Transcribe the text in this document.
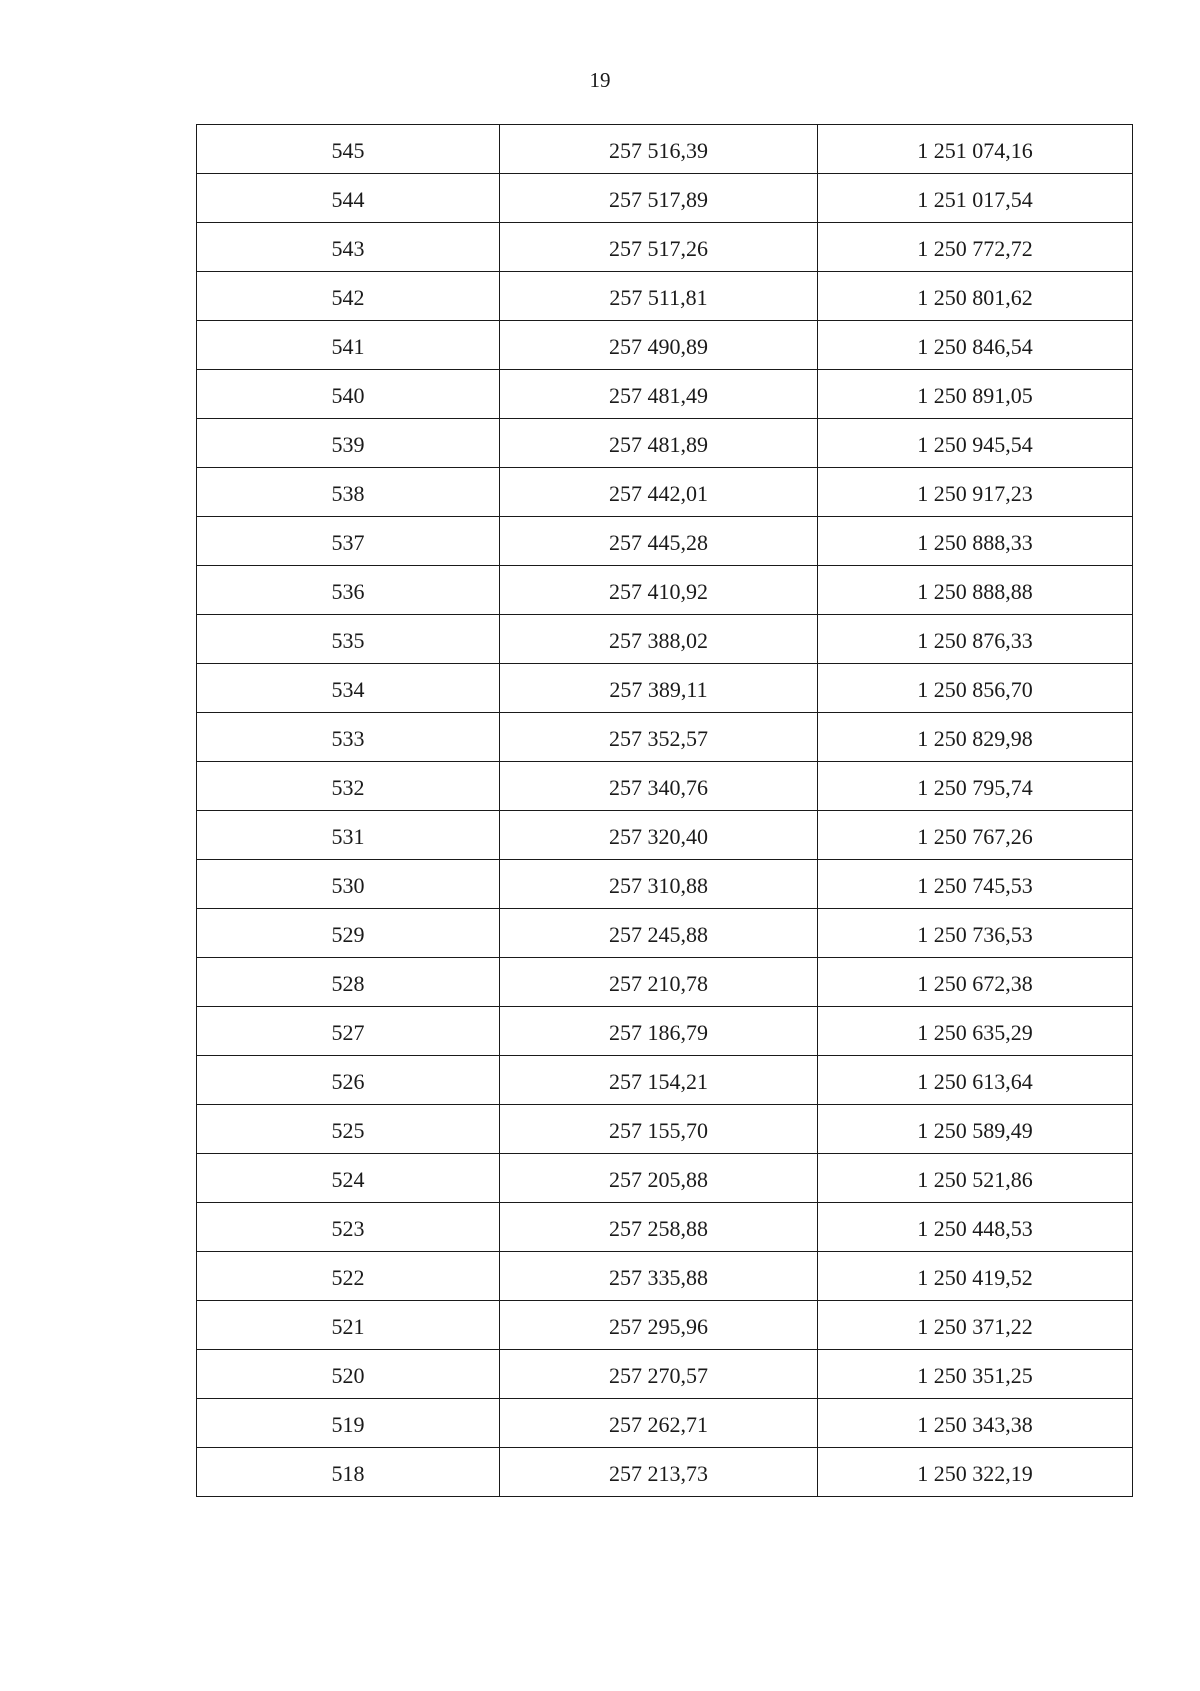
19
545	257 516,39	1 251 074,16
544	257 517,89	1 251 017,54
543	257 517,26	1 250 772,72
542	257 511,81	1 250 801,62
541	257 490,89	1 250 846,54
540	257 481,49	1 250 891,05
539	257 481,89	1 250 945,54
538	257 442,01	1 250 917,23
537	257 445,28	1 250 888,33
536	257 410,92	1 250 888,88
535	257 388,02	1 250 876,33
534	257 389,11	1 250 856,70
533	257 352,57	1 250 829,98
532	257 340,76	1 250 795,74
531	257 320,40	1 250 767,26
530	257 310,88	1 250 745,53
529	257 245,88	1 250 736,53
528	257 210,78	1 250 672,38
527	257 186,79	1 250 635,29
526	257 154,21	1 250 613,64
525	257 155,70	1 250 589,49
524	257 205,88	1 250 521,86
523	257 258,88	1 250 448,53
522	257 335,88	1 250 419,52
521	257 295,96	1 250 371,22
520	257 270,57	1 250 351,25
519	257 262,71	1 250 343,38
518	257 213,73	1 250 322,19
